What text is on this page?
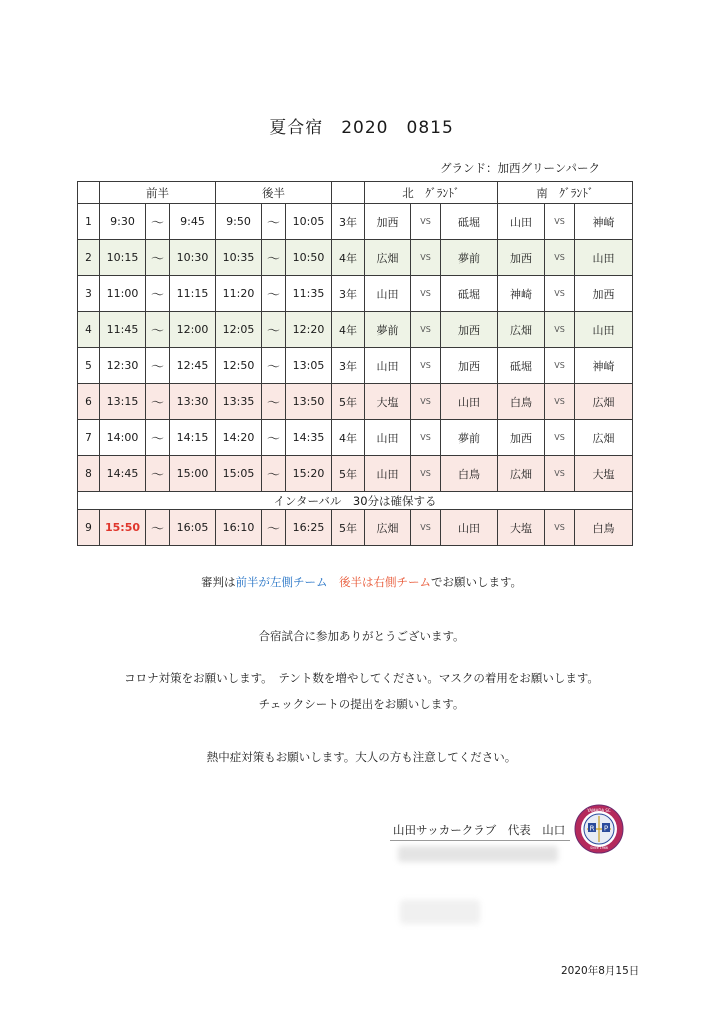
夏合宿　2020　0815
グランド：加西グリーンパーク
	前半			後半				北　ｸﾞﾗﾝﾄﾞ			南　ｸﾞﾗﾝﾄﾞ		
1	9:30	～	9:45	9:50	～	10:05	3年	加西	VS	砥堀	山田	VS	神崎
2	10:15	～	10:30	10:35	～	10:50	4年	広畑	VS	夢前	加西	VS	山田
3	11:00	～	11:15	11:20	～	11:35	3年	山田	VS	砥堀	神崎	VS	加西
4	11:45	～	12:00	12:05	～	12:20	4年	夢前	VS	加西	広畑	VS	山田
5	12:30	～	12:45	12:50	～	13:05	3年	山田	VS	加西	砥堀	VS	神崎
6	13:15	～	13:30	13:35	～	13:50	5年	大塩	VS	山田	白鳥	VS	広畑
7	14:00	～	14:15	14:20	～	14:35	4年	山田	VS	夢前	加西	VS	広畑
8	14:45	～	15:00	15:05	～	15:20	5年	山田	VS	白鳥	広畑	VS	大塩
インターバル　30分は確保する													
9	15:50	～	16:05	16:10	～	16:25	5年	広畑	VS	山田	大塩	VS	白鳥
審判は前半が左側チーム　後半は右側チームでお願いします。
合宿試合に参加ありがとうございます。
コロナ対策をお願いします。　テント数を増やしてください。マスクの着用をお願いします。
チェックシートの提出をお願いします。
熱中症対策もお願いします。大人の方も注意してください。
山田サッカークラブ　代表　山口	R P
YAMADA SC
Since 1966
2020年8月15日
